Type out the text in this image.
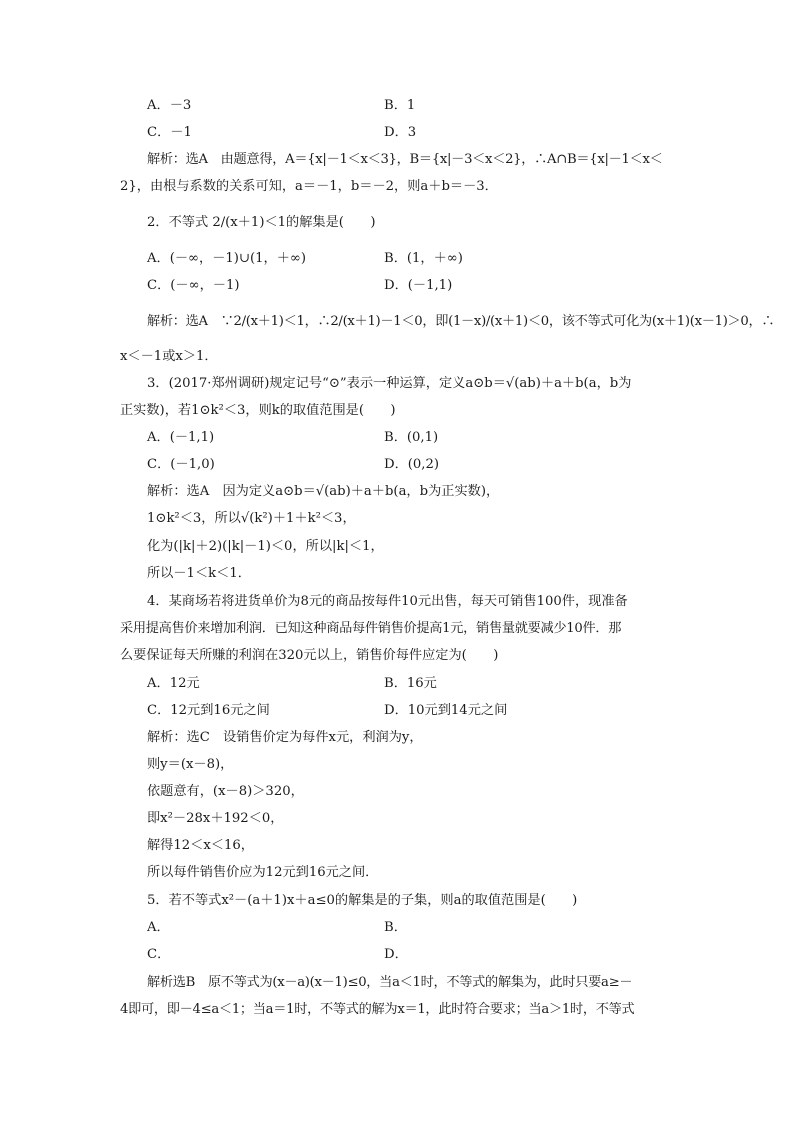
A．－3	B．1
C．－1	D．3
解析：选A　由题意得，A＝{x|－1＜x＜3}，B＝{x|－3＜x＜2}，∴A∩B＝{x|－1＜x＜
2}，由根与系数的关系可知，a＝－1，b＝－2，则a＋b＝－3．
2．不等式 2/(x＋1)＜1的解集是(　　)
A．(－∞，－1)∪(1，＋∞)	B．(1，＋∞)
C．(－∞，－1)	D．(－1,1)
解析：选A　∵2/(x＋1)＜1，∴2/(x＋1)－1＜0，即(1－x)/(x＋1)＜0，该不等式可化为(x＋1)(x－1)＞0，∴
x＜－1或x＞1．
3．(2017·郑州调研)规定记号“⊙”表示一种运算，定义a⊙b＝√(ab)＋a＋b(a，b为
正实数)，若1⊙k²＜3，则k的取值范围是(　　)
A．(－1,1)	B．(0,1)
C．(－1,0)	D．(0,2)
解析：选A　因为定义a⊙b＝√(ab)＋a＋b(a，b为正实数)，
1⊙k²＜3，所以√(k²)＋1＋k²＜3，
化为(|k|＋2)(|k|－1)＜0，所以|k|＜1，
所以－1＜k＜1．
4．某商场若将进货单价为8元的商品按每件10元出售，每天可销售100件，现准备
采用提高售价来增加利润．已知这种商品每件销售价提高1元，销售量就要减少10件．那
么要保证每天所赚的利润在320元以上，销售价每件应定为(　　)
A．12元	B．16元
C．12元到16元之间	D．10元到14元之间
解析：选C　设销售价定为每件x元，利润为y，
则y＝(x－8)，
依题意有，(x－8)＞320，
即x²－28x＋192＜0，
解得12＜x＜16，
所以每件销售价应为12元到16元之间．
5．若不等式x²－(a＋1)x＋a≤0的解集是的子集，则a的取值范围是(　　)
A．	B．
C．	D．
解析选B　原不等式为(x－a)(x－1)≤0，当a＜1时，不等式的解集为，此时只要a≥－
4即可，即－4≤a＜1；当a＝1时，不等式的解为x＝1，此时符合要求；当a＞1时，不等式
